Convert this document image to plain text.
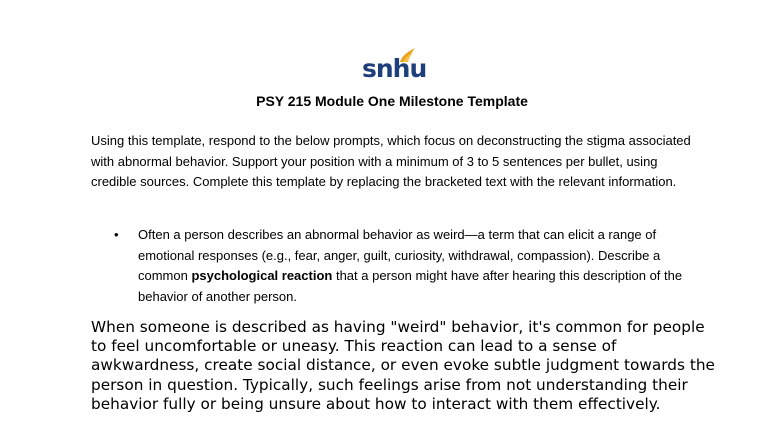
snhu
PSY 215 Module One Milestone Template
Using this template, respond to the below prompts, which focus on deconstructing the stigma associated with abnormal behavior. Support your position with a minimum of 3 to 5 sentences per bullet, using credible sources. Complete this template by replacing the bracketed text with the relevant information.
• Often a person describes an abnormal behavior as weird—a term that can elicit a range of emotional responses (e.g., fear, anger, guilt, curiosity, withdrawal, compassion). Describe a common psychological reaction that a person might have after hearing this description of the behavior of another person.
When someone is described as having "weird" behavior, it's common for people to feel uncomfortable or uneasy. This reaction can lead to a sense of awkwardness, create social distance, or even evoke subtle judgment towards the person in question. Typically, such feelings arise from not understanding their behavior fully or being unsure about how to interact with them effectively.
